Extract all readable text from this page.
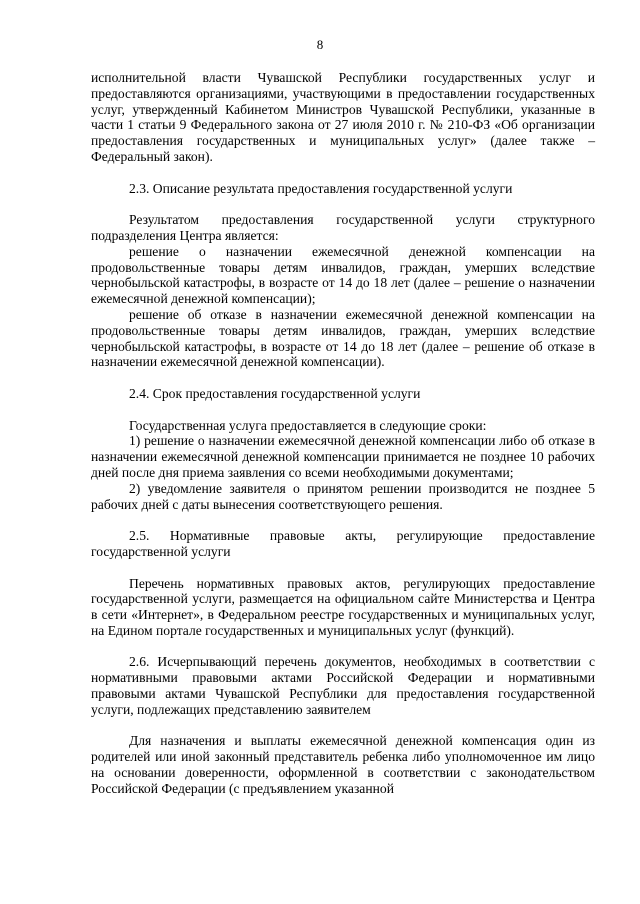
8

исполнительной власти Чувашской Республики государственных услуг и предоставляются организациями, участвующими в предоставлении государственных услуг, утвержденный Кабинетом Министров Чувашской Республики, указанные в части 1 статьи 9 Федерального закона от 27 июля 2010 г. № 210-ФЗ «Об организации предоставления государственных и муниципальных услуг» (далее также – Федеральный закон).

2.3. Описание результата предоставления государственной услуги

Результатом предоставления государственной услуги структурного подразделения Центра является:

решение о назначении ежемесячной денежной компенсации на продовольственные товары детям инвалидов, граждан, умерших вследствие чернобыльской катастрофы, в возрасте от 14 до 18 лет (далее – решение о назначении ежемесячной денежной компенсации);

решение об отказе в назначении ежемесячной денежной компенсации на продовольственные товары детям инвалидов, граждан, умерших вследствие чернобыльской катастрофы, в возрасте от 14 до 18 лет (далее – решение об отказе в назначении ежемесячной денежной компенсации).

2.4. Срок предоставления государственной услуги

Государственная услуга предоставляется в следующие сроки:

1) решение о назначении ежемесячной денежной компенсации либо об отказе в назначении ежемесячной денежной компенсации принимается не позднее 10 рабочих дней после дня приема заявления со всеми необходимыми документами;

2) уведомление заявителя о принятом решении производится не позднее 5 рабочих дней с даты вынесения соответствующего решения.

2.5. Нормативные правовые акты, регулирующие предоставление государственной услуги

Перечень нормативных правовых актов, регулирующих предоставление государственной услуги, размещается на официальном сайте Министерства и Центра в сети «Интернет», в Федеральном реестре государственных и муниципальных услуг, на Едином портале государственных и муниципальных услуг (функций).

2.6. Исчерпывающий перечень документов, необходимых в соответствии с нормативными правовыми актами Российской Федерации и нормативными правовыми актами Чувашской Республики для предоставления государственной услуги, подлежащих представлению заявителем

Для назначения и выплаты ежемесячной денежной компенсация один из родителей или иной законный представитель ребенка либо уполномоченное им лицо на основании доверенности, оформленной в соответствии с законодательством Российской Федерации (с предъявлением указанной
